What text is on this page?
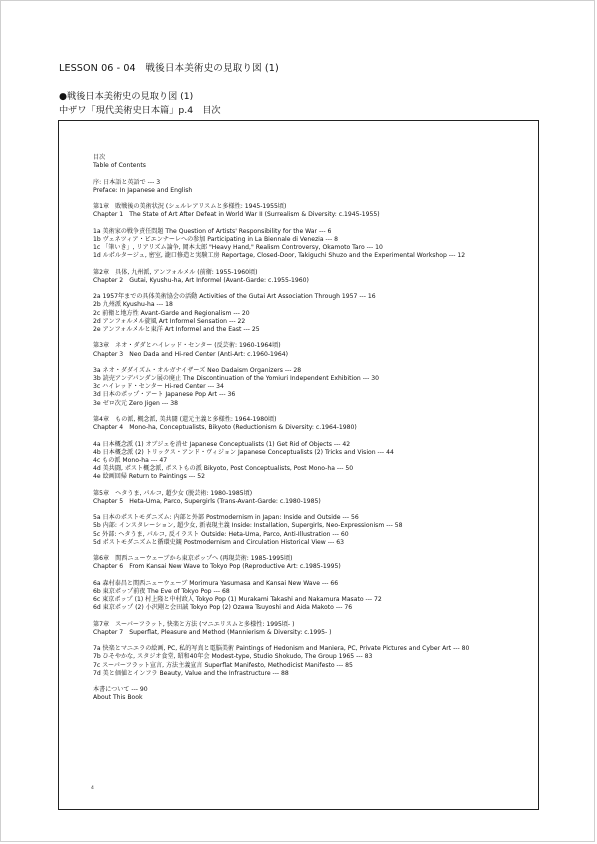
LESSON 06 - 04　戦後日本美術史の見取り図 (1)
●戦後日本美術史の見取り図 (1)
中ザワ「現代美術史日本篇」p.4　目次
目次
Table of Contents
序: 日本語と英語で --- 3
Preface: In Japanese and English
第1章　敗戦後の美術状況 (シュルレアリスムと多様性: 1945-1955頃)
Chapter 1　The State of Art After Defeat in World War II (Surrealism & Diversity: c.1945-1955)
1a 美術家の戦争責任問題 The Question of Artists' Responsibility for the War --- 6
1b ヴェネツィア・ビエンナーレへの参加 Participating in La Biennale di Venezia --- 8
1c 「筆いき」, リアリズム論争, 岡本太郎 "Heavy Hand," Realism Controversy, Okamoto Taro --- 10
1d ルポルタージュ, 密室, 瀧口修造と実験工房 Reportage, Closed-Door, Takiguchi Shuzo and the Experimental Workshop --- 12
第2章　具体, 九州派, アンフォルメル (前衛: 1955-1960頃)
Chapter 2　Gutai, Kyushu-ha, Art Informel (Avant-Garde: c.1955-1960)
2a 1957年までの具体美術協会の活動 Activities of the Gutai Art Association Through 1957 --- 16
2b 九州派 Kyushu-ha --- 18
2c 前衛と地方性 Avant-Garde and Regionalism --- 20
2d アンフォルメル旋風 Art Informel Sensation --- 22
2e アンフォルメルと東洋 Art Informel and the East --- 25
第3章　ネオ・ダダとハイレッド・センター (反芸術: 1960-1964頃)
Chapter 3　Neo Dada and Hi-red Center (Anti-Art: c.1960-1964)
3a ネオ・ダダイズム・オルガナイザーズ Neo Dadaism Organizers --- 28
3b 読売アンデパンダン展の廃止 The Discontinuation of the Yomiuri Independent Exhibition --- 30
3c ハイレッド・センター Hi-red Center --- 34
3d 日本のポップ・アート Japanese Pop Art --- 36
3e ゼロ次元 Zero Jigen --- 38
第4章　もの派, 概念派, 美共闘 (還元主義と多様性: 1964-1980頃)
Chapter 4　Mono-ha, Conceptualists, Bikyoto (Reductionism & Diversity: c.1964-1980)
4a 日本概念派 (1) オブジェを消せ Japanese Conceptualists (1) Get Rid of Objects --- 42
4b 日本概念派 (2) トリックス・アンド・ヴィジョン Japanese Conceptualists (2) Tricks and Vision --- 44
4c もの派 Mono-ha --- 47
4d 美共闘, ポスト概念派, ポストもの派 Bikyoto, Post Conceptualists, Post Mono-ha --- 50
4e 絵画回帰 Return to Paintings --- 52
第5章　ヘタうま, パルコ, 超少女 (脱芸術: 1980-1985頃)
Chapter 5　Heta-Uma, Parco, Supergirls (Trans-Avant-Garde: c.1980-1985)
5a 日本のポストモダニズム: 内部と外部 Postmodernism in Japan: Inside and Outside --- 56
5b 内部: インスタレーション, 超少女, 新表現主義 Inside: Installation, Supergirls, Neo-Expressionism --- 58
5c 外部: ヘタうま, パルコ, 反イラスト Outside: Heta-Uma, Parco, Anti-Illustration --- 60
5d ポストモダニズムと循環史観 Postmodernism and Circulation Historical View --- 63
第6章　関西ニューウェーブから東京ポップへ (再現芸術: 1985-1995頃)
Chapter 6　From Kansai New Wave to Tokyo Pop (Reproductive Art: c.1985-1995)
6a 森村泰昌と関西ニューウェーブ Morimura Yasumasa and Kansai New Wave --- 66
6b 東京ポップ前夜 The Eve of Tokyo Pop --- 68
6c 東京ポップ (1) 村上隆と中村政人 Tokyo Pop (1) Murakami Takashi and Nakamura Masato --- 72
6d 東京ポップ (2) 小沢剛と会田誠 Tokyo Pop (2) Ozawa Tsuyoshi and Aida Makoto --- 76
第7章　スーパーフラット, 快楽と方法 (マニエリスムと多様性: 1995頃- )
Chapter 7　Superflat, Pleasure and Method (Mannierism & Diversity: c.1995- )
7a 快楽とマニエラの絵画, PC, 私的写真と電脳美術 Paintings of Hedonism and Maniera, PC, Private Pictures and Cyber Art --- 80
7b ひそやかな, スタジオ食堂, 昭和40年会 Modest-type, Studio Shokudo, The Group 1965 --- 83
7c スーパーフラット宣言, 方法主義宣言 Superflat Manifesto, Methodicist Manifesto --- 85
7d 美と価値とインフラ Beauty, Value and the Infrastructure --- 88
本書について --- 90
About This Book
4
